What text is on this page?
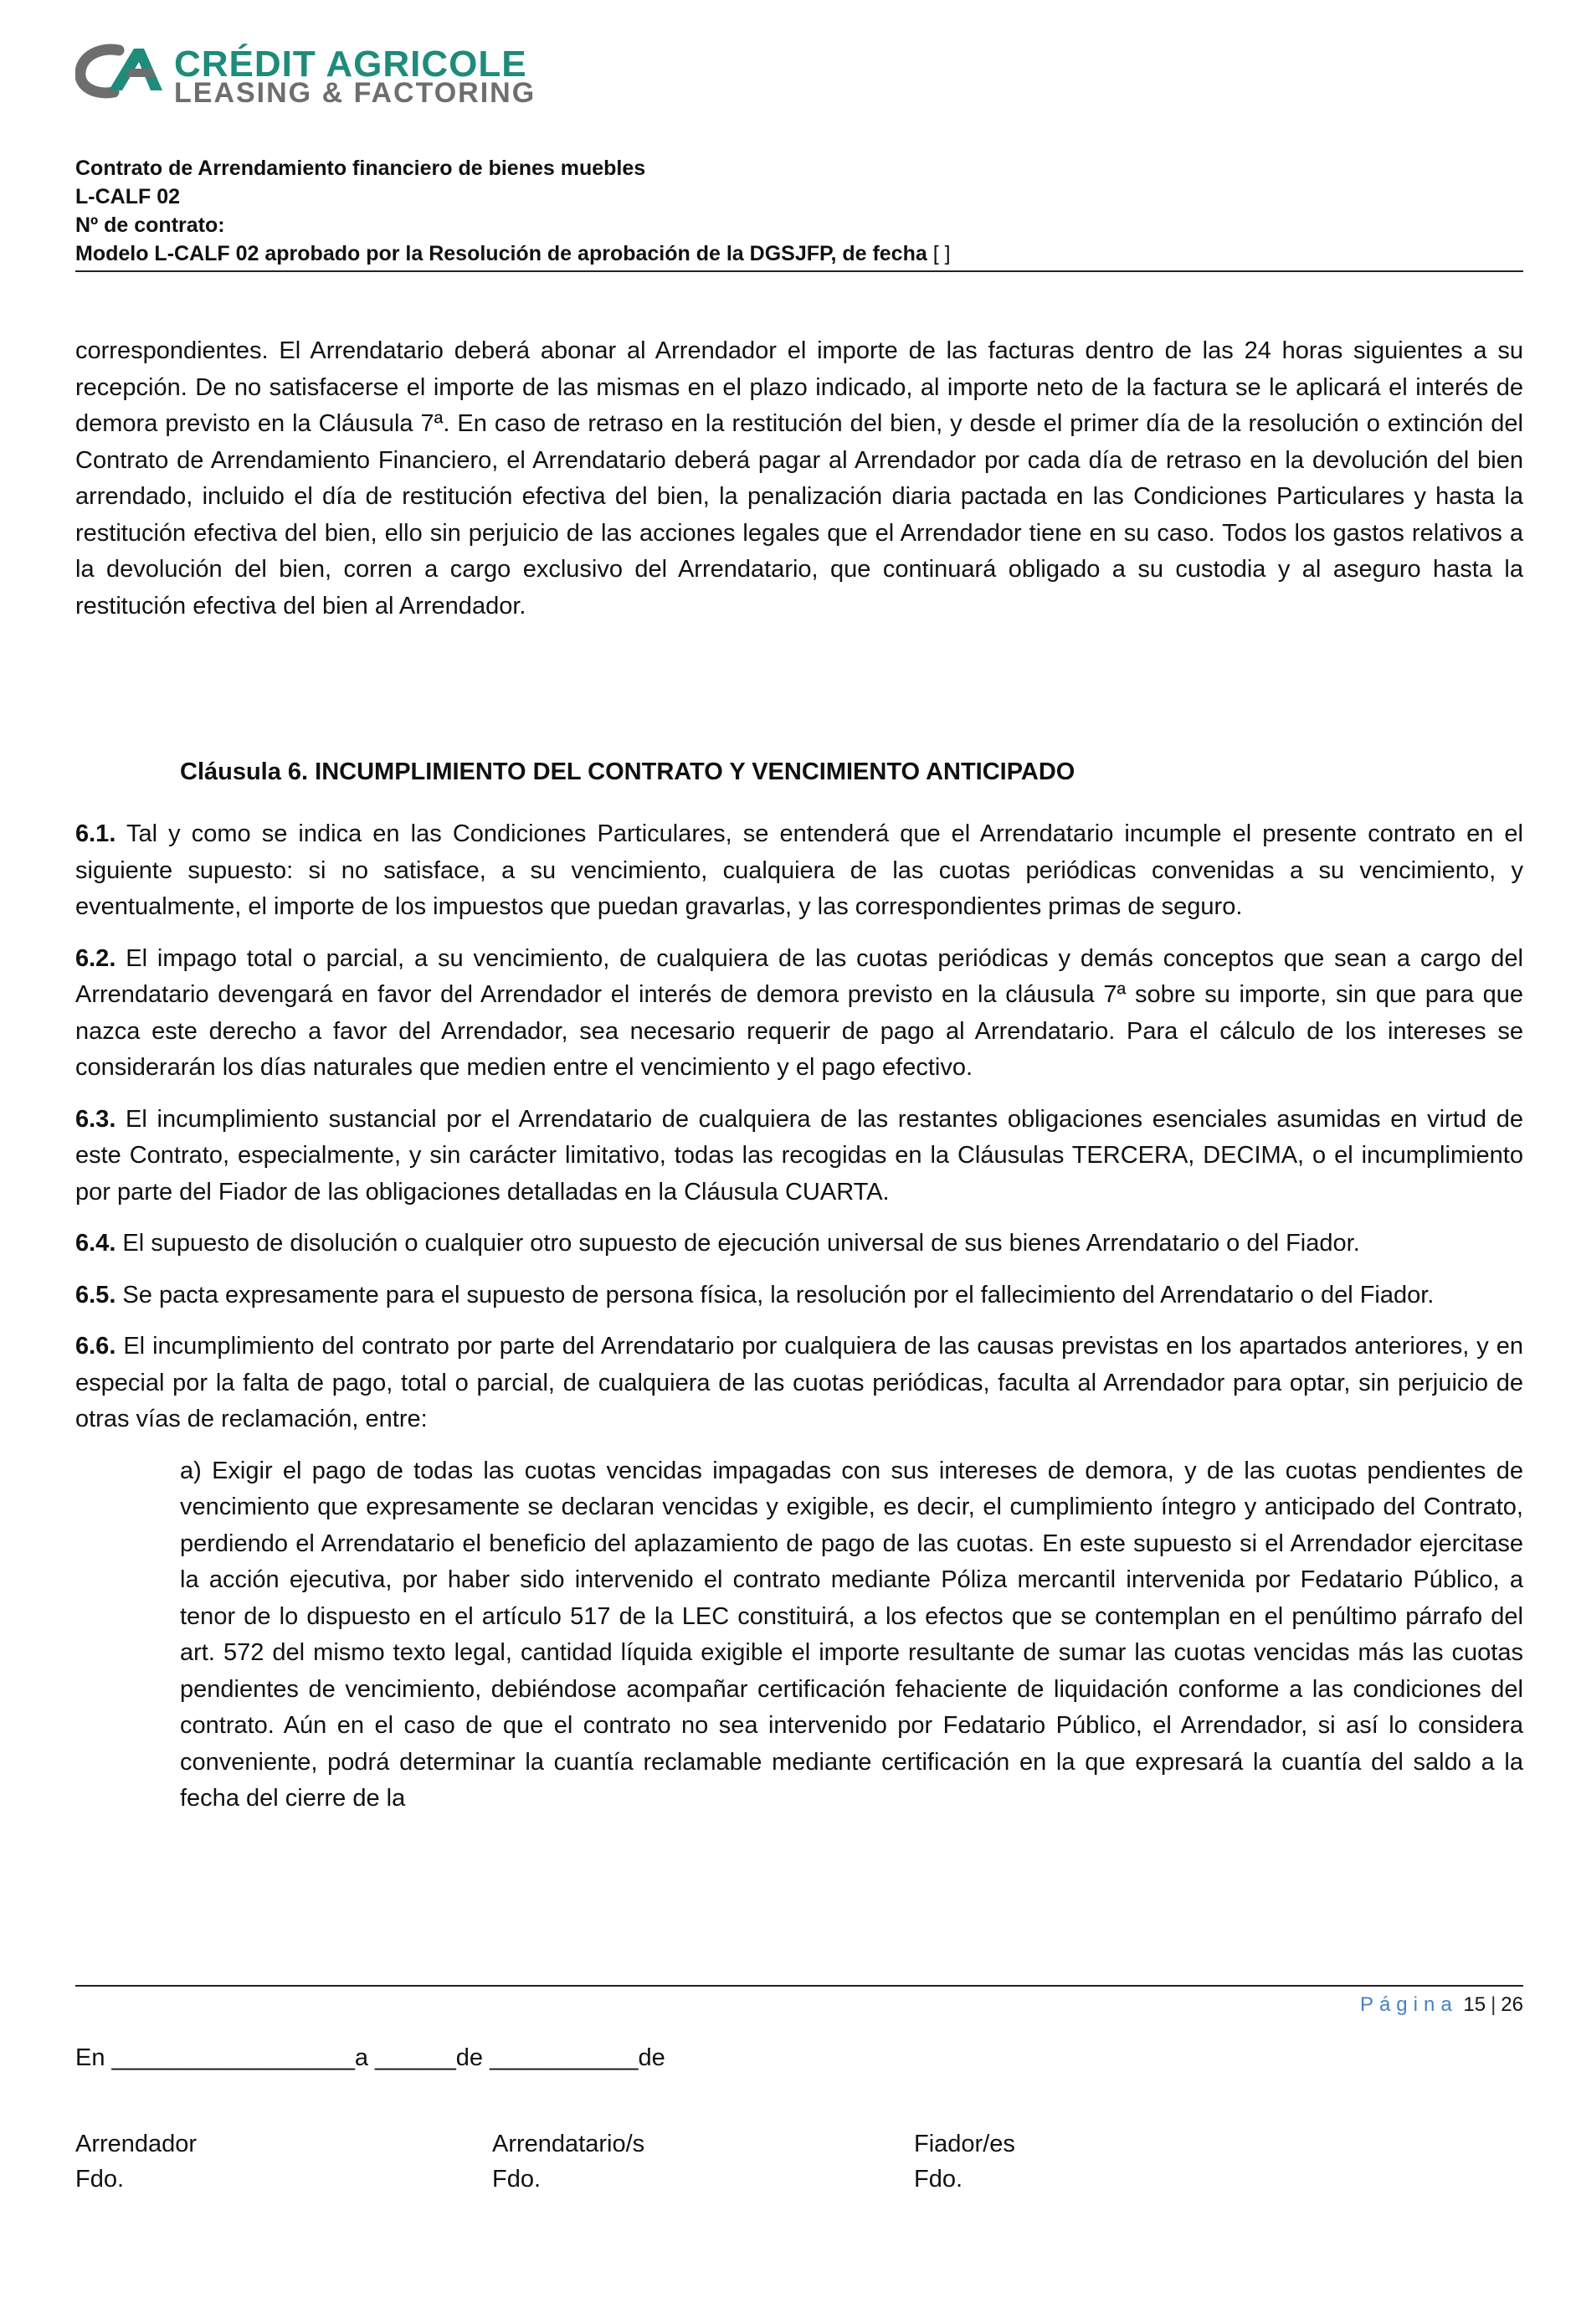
CRÉDIT AGRICOLE
LEASING & FACTORING
Contrato de Arrendamiento financiero de bienes muebles
L-CALF 02
Nº de contrato:
Modelo L-CALF 02 aprobado por la Resolución de aprobación de la DGSJFP, de fecha [ ]

correspondientes. El Arrendatario deberá abonar al Arrendador el importe de las facturas dentro de las 24 horas siguientes a su recepción. De no satisfacerse el importe de las mismas en el plazo indicado, al importe neto de la factura se le aplicará el interés de demora previsto en la Cláusula 7ª. En caso de retraso en la restitución del bien, y desde el primer día de la resolución o extinción del Contrato de Arrendamiento Financiero, el Arrendatario deberá pagar al Arrendador por cada día de retraso en la devolución del bien arrendado, incluido el día de restitución efectiva del bien, la penalización diaria pactada en las Condiciones Particulares y hasta la restitución efectiva del bien, ello sin perjuicio de las acciones legales que el Arrendador tiene en su caso. Todos los gastos relativos a la devolución del bien, corren a cargo exclusivo del Arrendatario, que continuará obligado a su custodia y al aseguro hasta la restitución efectiva del bien al Arrendador.

Cláusula 6. INCUMPLIMIENTO DEL CONTRATO Y VENCIMIENTO ANTICIPADO

6.1. Tal y como se indica en las Condiciones Particulares, se entenderá que el Arrendatario incumple el presente contrato en el siguiente supuesto: si no satisface, a su vencimiento, cualquiera de las cuotas periódicas convenidas a su vencimiento, y eventualmente, el importe de los impuestos que puedan gravarlas, y las correspondientes primas de seguro.

6.2. El impago total o parcial, a su vencimiento, de cualquiera de las cuotas periódicas y demás conceptos que sean a cargo del Arrendatario devengará en favor del Arrendador el interés de demora previsto en la cláusula 7ª sobre su importe, sin que para que nazca este derecho a favor del Arrendador, sea necesario requerir de pago al Arrendatario. Para el cálculo de los intereses se considerarán los días naturales que medien entre el vencimiento y el pago efectivo.

6.3. El incumplimiento sustancial por el Arrendatario de cualquiera de las restantes obligaciones esenciales asumidas en virtud de este Contrato, especialmente, y sin carácter limitativo, todas las recogidas en la Cláusulas TERCERA, DECIMA, o el incumplimiento por parte del Fiador de las obligaciones detalladas en la Cláusula CUARTA.

6.4. El supuesto de disolución o cualquier otro supuesto de ejecución universal de sus bienes Arrendatario o del Fiador.

6.5. Se pacta expresamente para el supuesto de persona física, la resolución por el fallecimiento del Arrendatario o del Fiador.

6.6. El incumplimiento del contrato por parte del Arrendatario por cualquiera de las causas previstas en los apartados anteriores, y en especial por la falta de pago, total o parcial, de cualquiera de las cuotas periódicas, faculta al Arrendador para optar, sin perjuicio de otras vías de reclamación, entre:

a) Exigir el pago de todas las cuotas vencidas impagadas con sus intereses de demora, y de las cuotas pendientes de vencimiento que expresamente se declaran vencidas y exigible, es decir, el cumplimiento íntegro y anticipado del Contrato, perdiendo el Arrendatario el beneficio del aplazamiento de pago de las cuotas. En este supuesto si el Arrendador ejercitase la acción ejecutiva, por haber sido intervenido el contrato mediante Póliza mercantil intervenida por Fedatario Público, a tenor de lo dispuesto en el artículo 517 de la LEC constituirá, a los efectos que se contemplan en el penúltimo párrafo del art. 572 del mismo texto legal, cantidad líquida exigible el importe resultante de sumar las cuotas vencidas más las cuotas pendientes de vencimiento, debiéndose acompañar certificación fehaciente de liquidación conforme a las condiciones del contrato. Aún en el caso de que el contrato no sea intervenido por Fedatario Público, el Arrendador, si así lo considera conveniente, podrá determinar la cuantía reclamable mediante certificación en la que expresará la cuantía del saldo a la fecha del cierre de la

Página 15 | 26
En __________________a ______de ___________de
Arrendador
Fdo.
Arrendatario/s
Fdo.
Fiador/es
Fdo.
